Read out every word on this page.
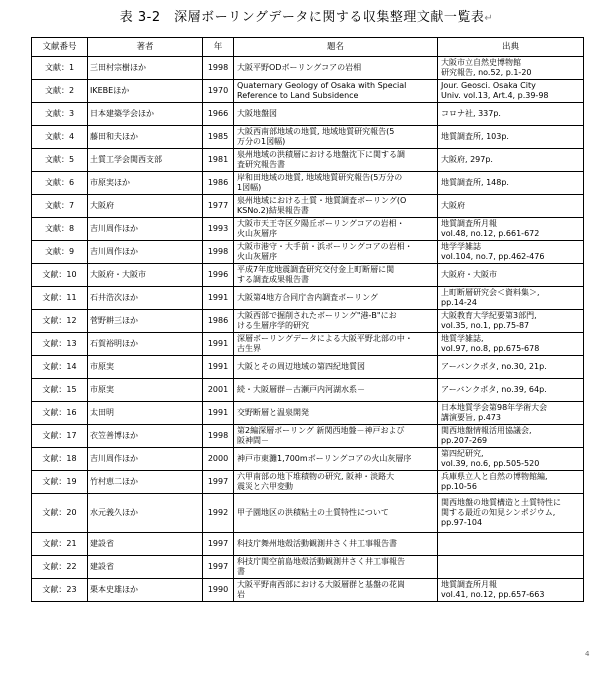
表 3-2　深層ボーリングデータに関する収集整理文献一覧表↵
文献番号	著者	年	題名	出典
文献：1	三田村宗樹ほか	1998	大阪平野ODボーリングコアの岩相	大阪市立自然史博物館
研究報告, no.52, p.1-20
文献：2	IKEBEほか	1970	Quaternary Geology of Osaka with Special
Reference to Land Subsidence	Jour. Geosci. Osaka City
Univ. vol.13, Art.4, p.39-98
文献：3	日本建築学会ほか	1966	大阪地盤図	コロナ社, 337p.
文献：4	藤田和夫ほか	1985	大阪西南部地域の地質, 地域地質研究報告(5
万分の1図幅)	地質調査所, 103p.
文献：5	土質工学会関西支部	1981	泉州地域の洪積層における地盤沈下に関する調
査研究報告書	大阪府, 297p.
文献：6	市原実ほか	1986	岸和田地域の地質, 地域地質研究報告(5万分の
1図幅)	地質調査所, 148p.
文献：7	大阪府	1977	泉州地域における土質・地質調査ボーリング(O
KSNo.2)結果報告書	大阪府
文献：8	吉川周作ほか	1993	大阪市天王寺区夕陽丘ボーリングコアの岩相・
火山灰層序	地質調査所月報
vol.48, no.12, p.661-672
文献：9	吉川周作ほか	1998	大阪市港守・大手前・浜ボーリングコアの岩相・
火山灰層序	地学学雑誌
vol.104, no.7, pp.462-476
文献：10	大阪府・大阪市	1996	平成7年度地震調査研究交付金上町断層に関
する調査成果報告書	大阪府・大阪市
文献：11	石井浩次ほか	1991	大阪第4地方合同庁舎内調査ボーリング	上町断層研究会＜資料集＞,
pp.14-24
文献：12	菅野耕三ほか	1986	大阪西部で掘削されたボーリング"港-B"にお
ける生層序学的研究	大阪教育大学紀要第3部門,
vol.35, no.1, pp.75-87
文献：13	石賀裕明ほか	1991	深層ボーリングデータによる大阪平野北部の中・
古生界	地質学雑誌,
vol.97, no.8, pp.675-678
文献：14	市原実	1991	大阪とその周辺地域の第四紀地質図	アーバンクボタ, no.30, 21p.
文献：15	市原実	2001	続・大阪層群－古瀬戸内河湖水系－	アーバンクボタ, no.39, 64p.
文献：16	太田明	1991	交野断層と温泉開発	日本地質学会第98年学術大会
講演要旨, p.473
文献：17	衣笠善博ほか	1998	第2編深層ボーリング 新関西地盤－神戸および
阪神間－	関西地盤情報活用協議会,
pp.207-269
文献：18	吉川周作ほか	2000	神戸市東灘1,700mボーリングコアの火山灰層序	第四紀研究,
vol.39, no.6, pp.505-520
文献：19	竹村恵二ほか	1997	六甲南部の地下堆積物の研究, 阪神・淡路大
震災と六甲変動	兵庫県立人と自然の博物館編,
pp.10-56
文献：20	水元義久ほか	1992	甲子園地区の洪積粘土の土質特性について	関西地盤の地質構造と土質特性に
関する最近の知見シンポジウム,
pp.97-104
文献：21	建設省	1997	科技庁舞州地殻活動観測井さく井工事報告書	
文献：22	建設省	1997	科技庁関空前島地殻活動観測井さく井工事報告
書	
文献：23	栗本史雄ほか	1990	大阪平野南西部における大阪層群と基盤の花崗
岩	地質調査所月報
vol.41, no.12, pp.657-663
4
